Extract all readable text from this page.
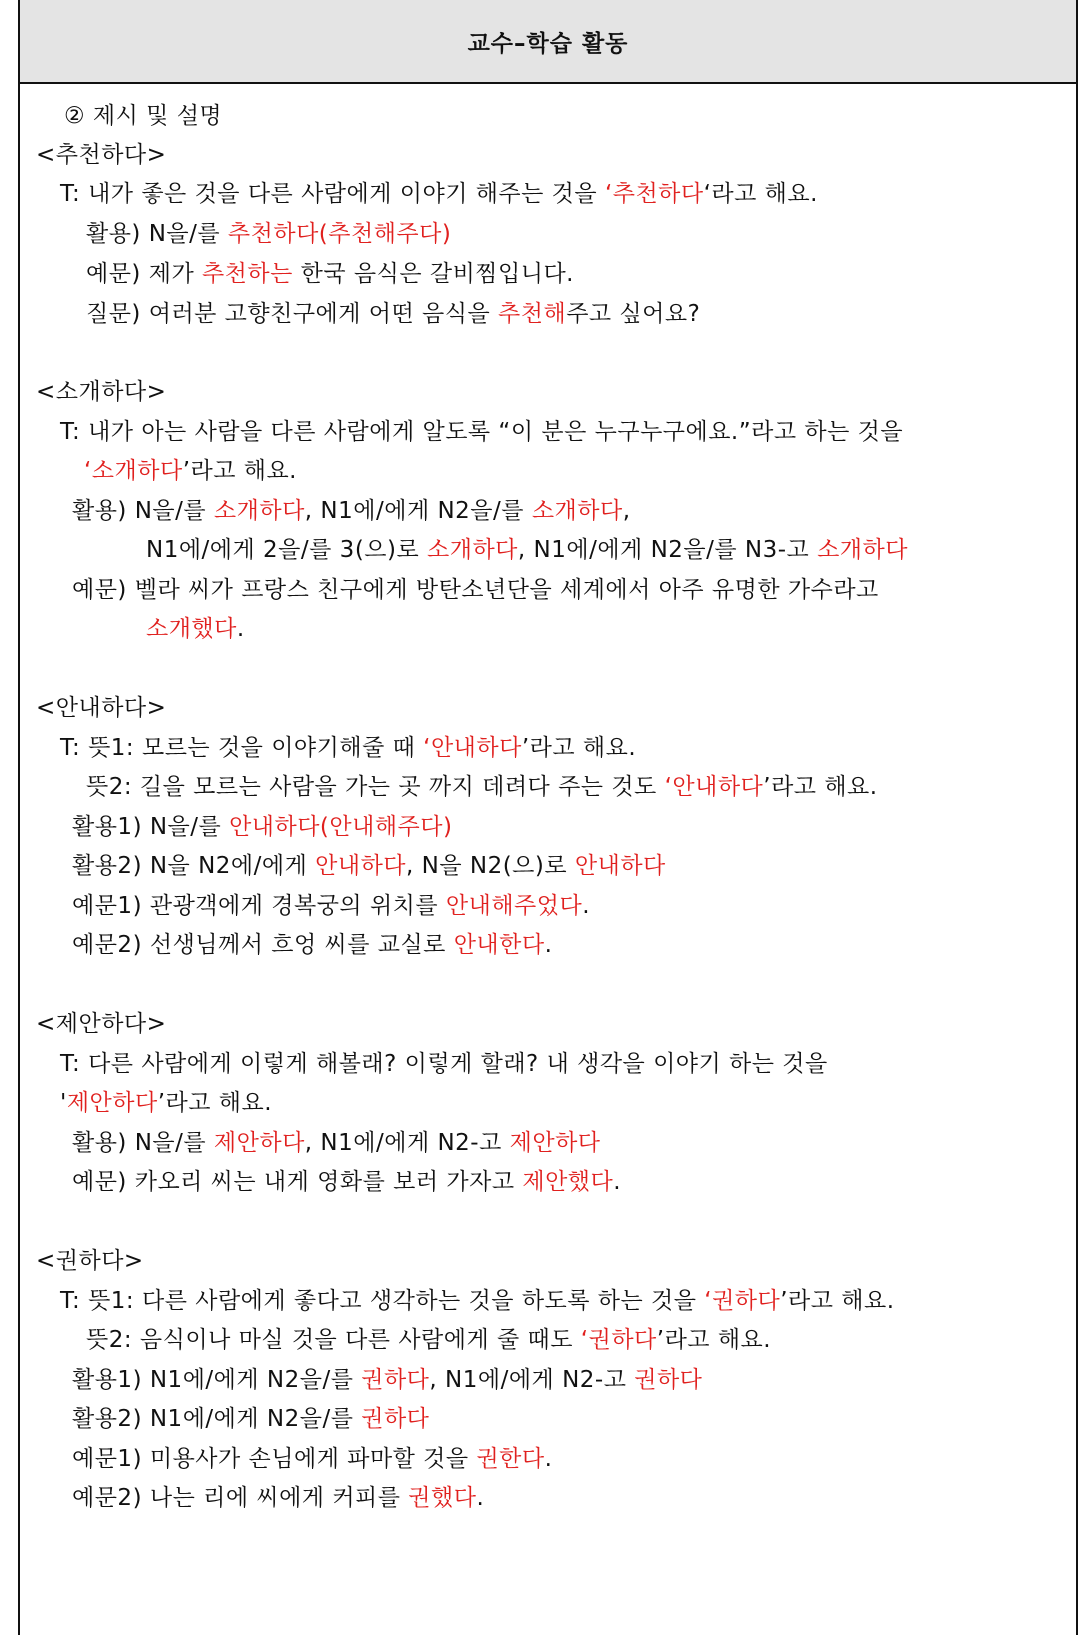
교수–학습 활동
② 제시 및 설명
<추천하다>
T: 내가 좋은 것을 다른 사람에게 이야기 해주는 것을 ‘추천하다‘라고 해요.
활용) N을/를 추천하다(추천해주다)
예문) 제가 추천하는 한국 음식은 갈비찜입니다.
질문) 여러분 고향친구에게 어떤 음식을 추천해주고 싶어요?
<소개하다>
T: 내가 아는 사람을 다른 사람에게 알도록 “이 분은 누구누구에요.”라고 하는 것을
‘소개하다’라고 해요.
활용) N을/를 소개하다, N1에/에게 N2을/를 소개하다,
N1에/에게 2을/를 3(으)로 소개하다, N1에/에게 N2을/를 N3-고 소개하다
예문) 벨라 씨가 프랑스 친구에게 방탄소년단을 세계에서 아주 유명한 가수라고
소개했다.
<안내하다>
T: 뜻1: 모르는 것을 이야기해줄 때 ‘안내하다’라고 해요.
뜻2: 길을 모르는 사람을 가는 곳 까지 데려다 주는 것도 ‘안내하다’라고 해요.
활용1) N을/를 안내하다(안내해주다)
활용2) N을 N2에/에게 안내하다, N을 N2(으)로 안내하다
예문1) 관광객에게 경복궁의 위치를 안내해주었다.
예문2) 선생님께서 흐엉 씨를 교실로 안내한다.
<제안하다>
T: 다른 사람에게 이렇게 해볼래? 이렇게 할래? 내 생각을 이야기 하는 것을
'제안하다’라고 해요.
활용) N을/를 제안하다, N1에/에게 N2-고 제안하다
예문) 카오리 씨는 내게 영화를 보러 가자고 제안했다.
<권하다>
T: 뜻1: 다른 사람에게 좋다고 생각하는 것을 하도록 하는 것을 ‘권하다’라고 해요.
뜻2: 음식이나 마실 것을 다른 사람에게 줄 때도 ‘권하다’라고 해요.
활용1) N1에/에게 N2을/를 권하다, N1에/에게 N2-고 권하다
활용2) N1에/에게 N2을/를 권하다
예문1) 미용사가 손님에게 파마할 것을 권한다.
예문2) 나는 리에 씨에게 커피를 권했다.
